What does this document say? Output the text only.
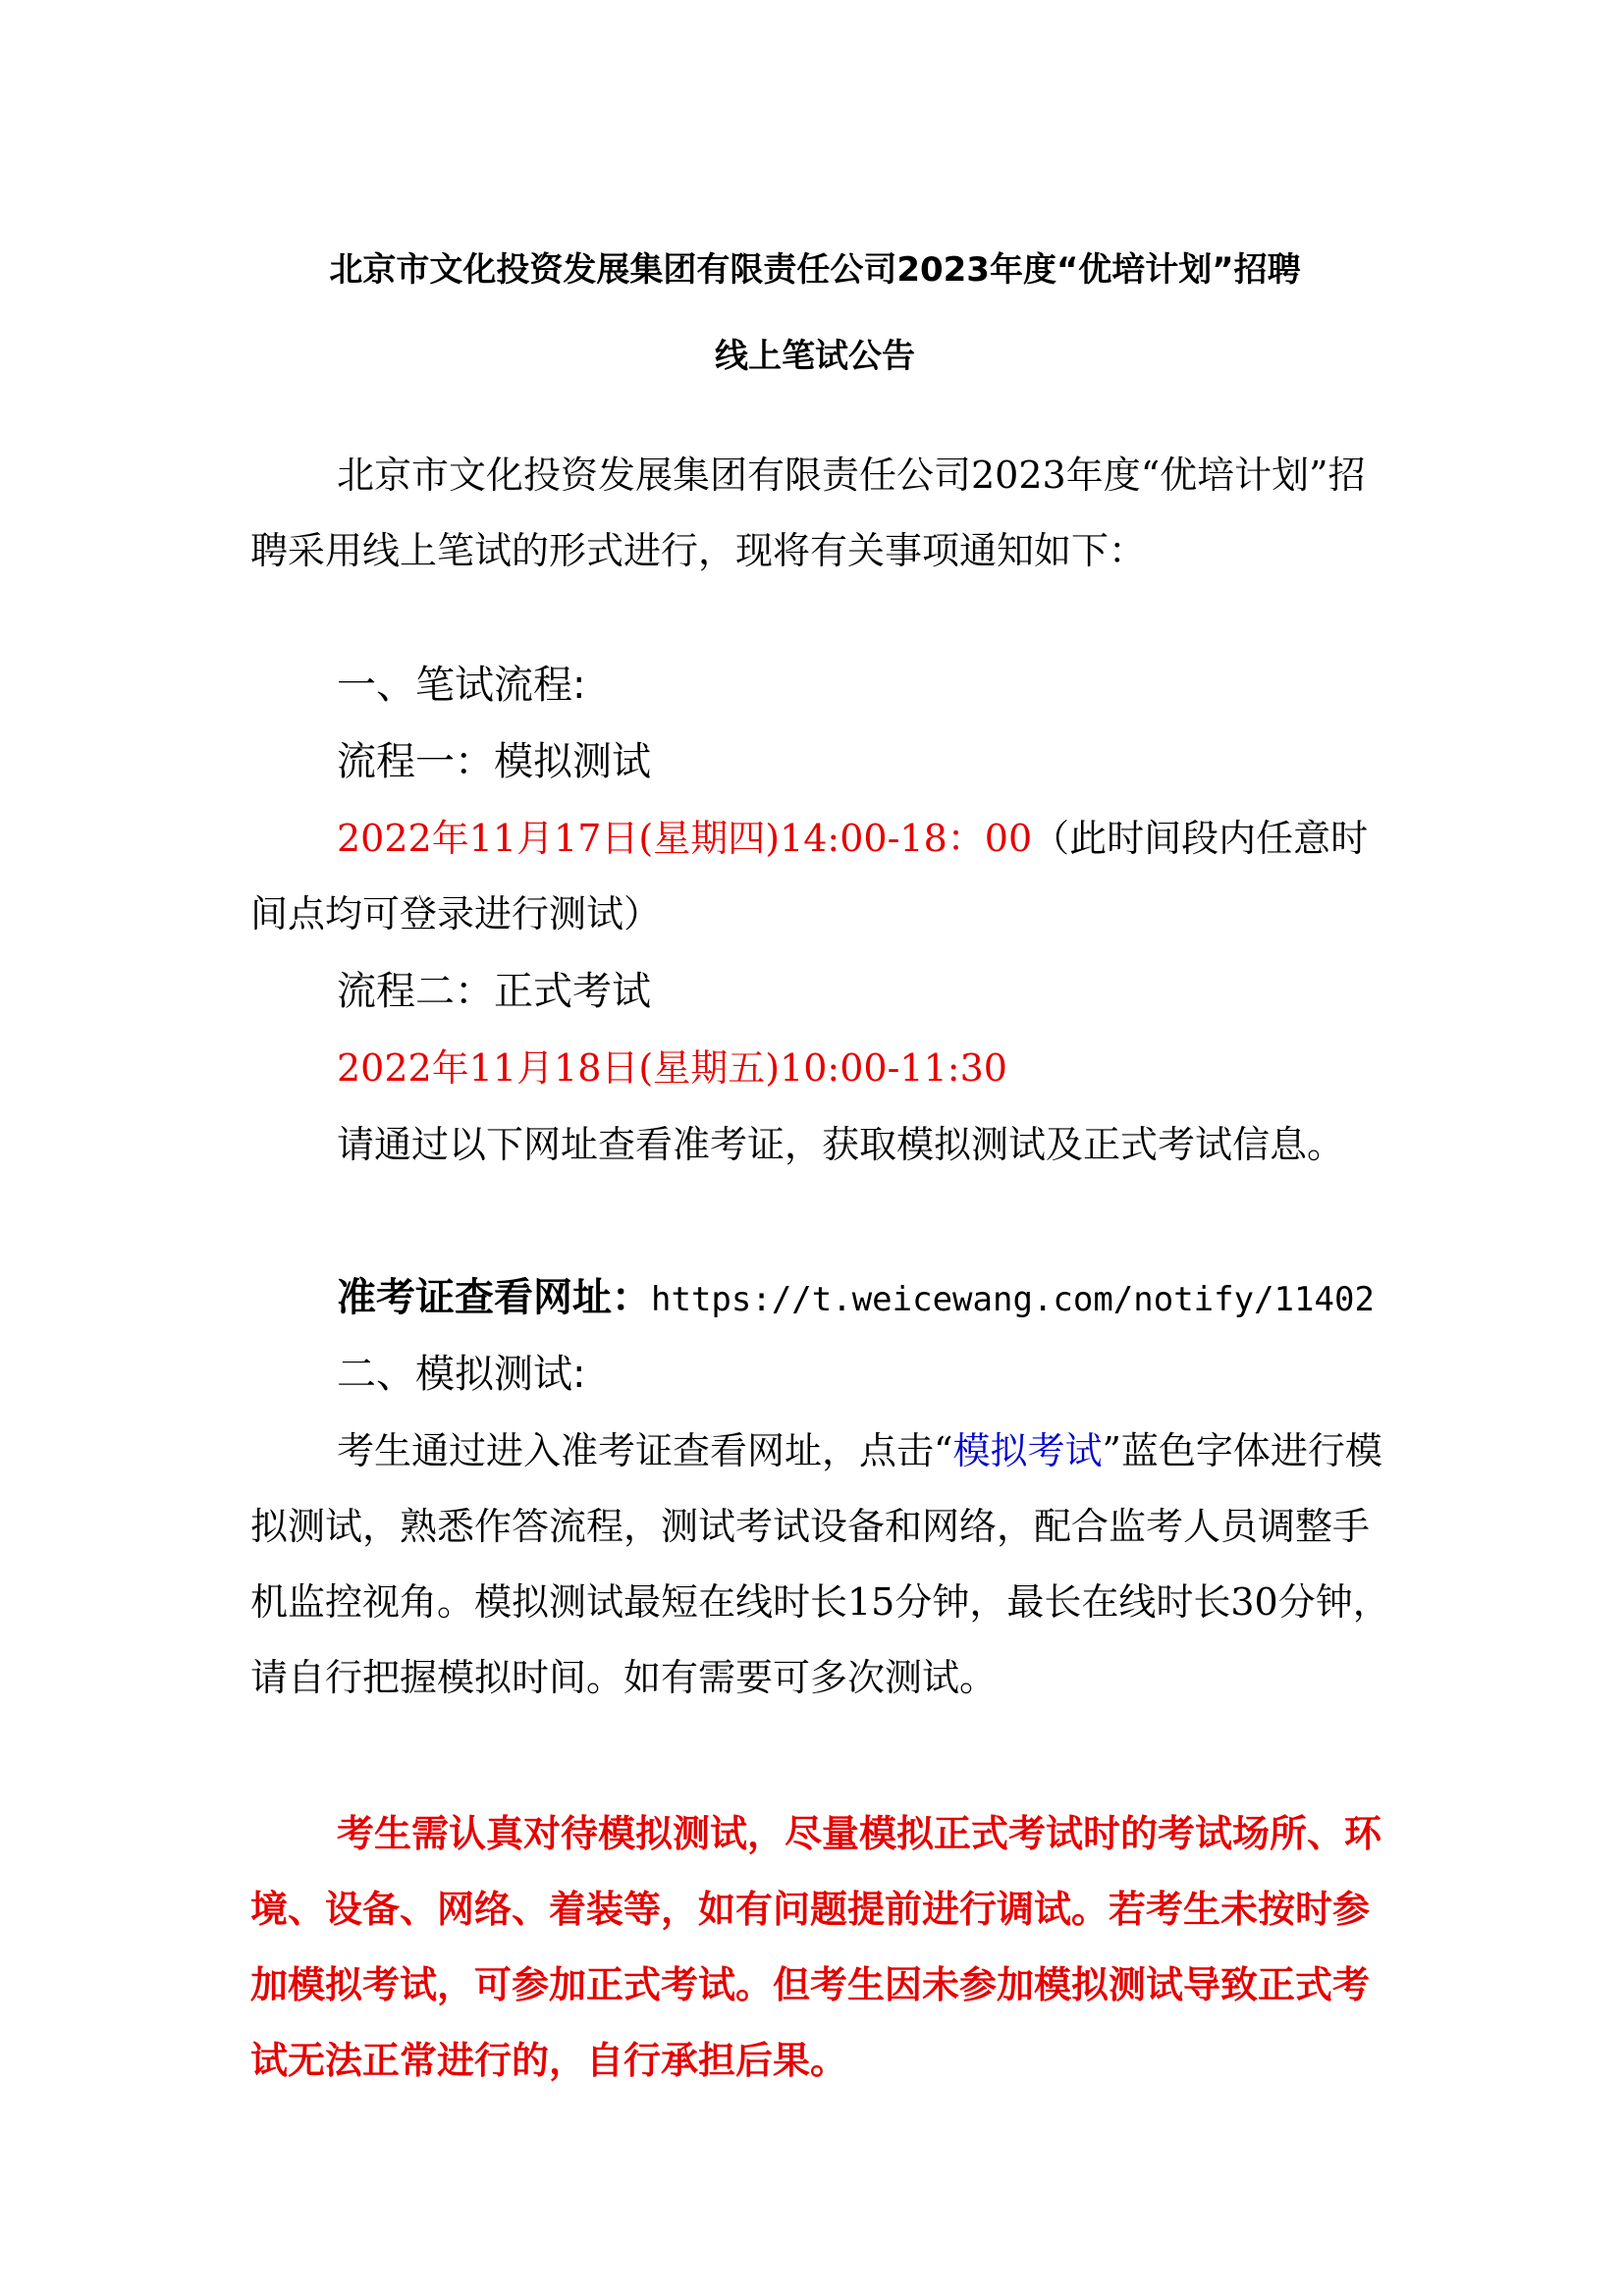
北京市文化投资发展集团有限责任公司2023年度“优培计划”招聘
线上笔试公告

北京市文化投资发展集团有限责任公司2023年度“优培计划”招聘采用线上笔试的形式进行，现将有关事项通知如下：

一、笔试流程:
流程一：模拟测试

2022年11月17日(星期四)14:00-18：00（此时间段内任意时间点均可登录进行测试）

流程二：正式考试
2022年11月18日(星期五)10:00-11:30

请通过以下网址查看准考证，获取模拟测试及正式考试信息。

准考证查看网址：https://t.weicewang.com/notify/11402
二、模拟测试:

考生通过进入准考证查看网址，点击“模拟考试”蓝色字体进行模拟测试，熟悉作答流程，测试考试设备和网络，配合监考人员调整手机监控视角。模拟测试最短在线时长15分钟，最长在线时长30分钟，请自行把握模拟时间。如有需要可多次测试。

考生需认真对待模拟测试，尽量模拟正式考试时的考试场所、环境、设备、网络、着装等，如有问题提前进行调试。若考生未按时参加模拟考试，可参加正式考试。但考生因未参加模拟测试导致正式考试无法正常进行的，自行承担后果。
